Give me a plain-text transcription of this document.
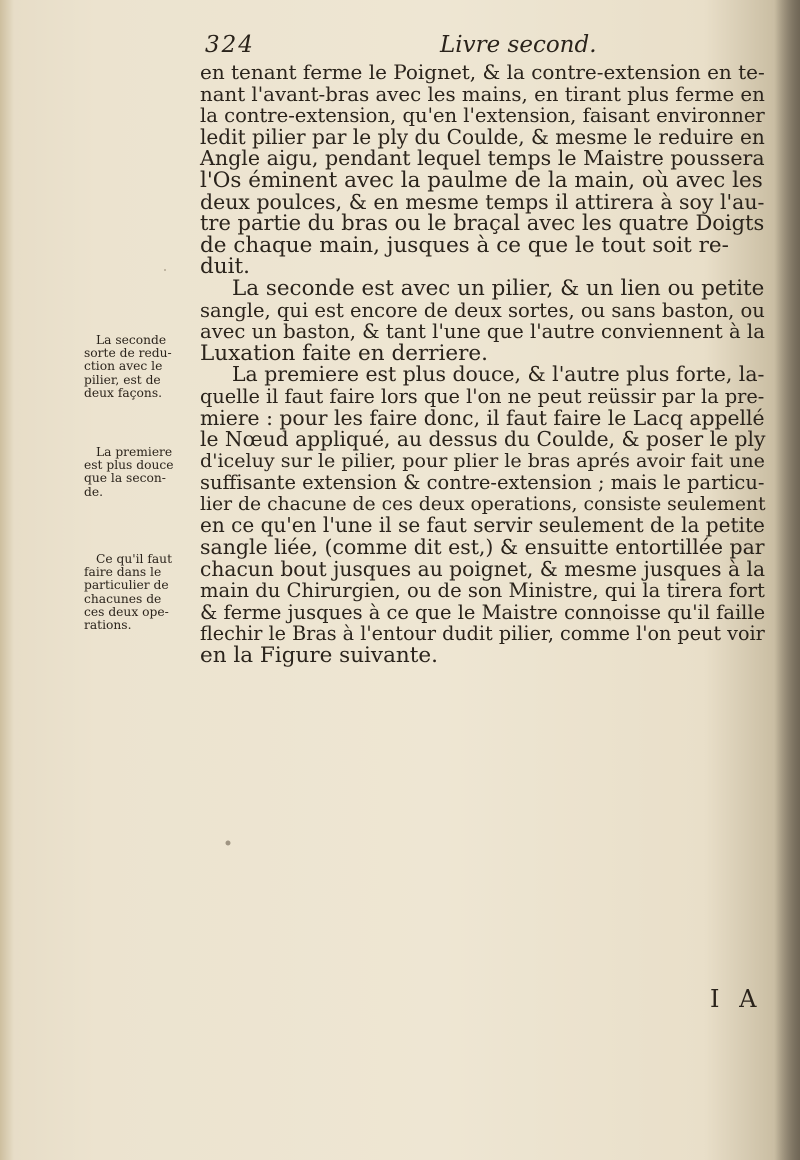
324	Livre second.
en tenant ferme le Poignet, & la contre-extension en te-
nant l'avant-bras avec les mains, en tirant plus ferme en
la contre-extension, qu'en l'extension, faisant environner
ledit pilier par le ply du Coulde, & mesme le reduire en
Angle aigu, pendant lequel temps le Maistre poussera
l'Os éminent avec la paulme de la main, où avec les
deux poulces, & en mesme temps il attirera à soy l'au-
tre partie du bras ou le braçal avec les quatre Doigts
de chaque main, jusques à ce que le tout soit re-
duit.
La seconde est avec un pilier, & un lien ou petite
sangle, qui est encore de deux sortes, ou sans baston, ou
avec un baston, & tant l'une que l'autre conviennent à la
Luxation faite en derriere.
La premiere est plus douce, & l'autre plus forte, la-
quelle il faut faire lors que l'on ne peut reüssir par la pre-
miere : pour les faire donc, il faut faire le Lacq appellé
le Nœud appliqué, au dessus du Coulde, & poser le ply
d'iceluy sur le pilier, pour plier le bras aprés avoir fait une
suffisante extension & contre-extension ; mais le particu-
lier de chacune de ces deux operations, consiste seulement
en ce qu'en l'une il se faut servir seulement de la petite
sangle liée, (comme dit est,) & ensuitte entortillée par
chacun bout jusques au poignet, & mesme jusques à la
main du Chirurgien, ou de son Ministre, qui la tirera fort
& ferme jusques à ce que le Maistre connoisse qu'il faille
flechir le Bras à l'entour dudit pilier, comme l'on peut voir
en la Figure suivante.
La seconde
sorte de redu-
ction avec le
pilier, est de
deux façons.
La premiere
est plus douce
que la secon-
de.
Ce qu'il faut
faire dans le
particulier de
chacunes de
ces deux ope-
rations.
I A
